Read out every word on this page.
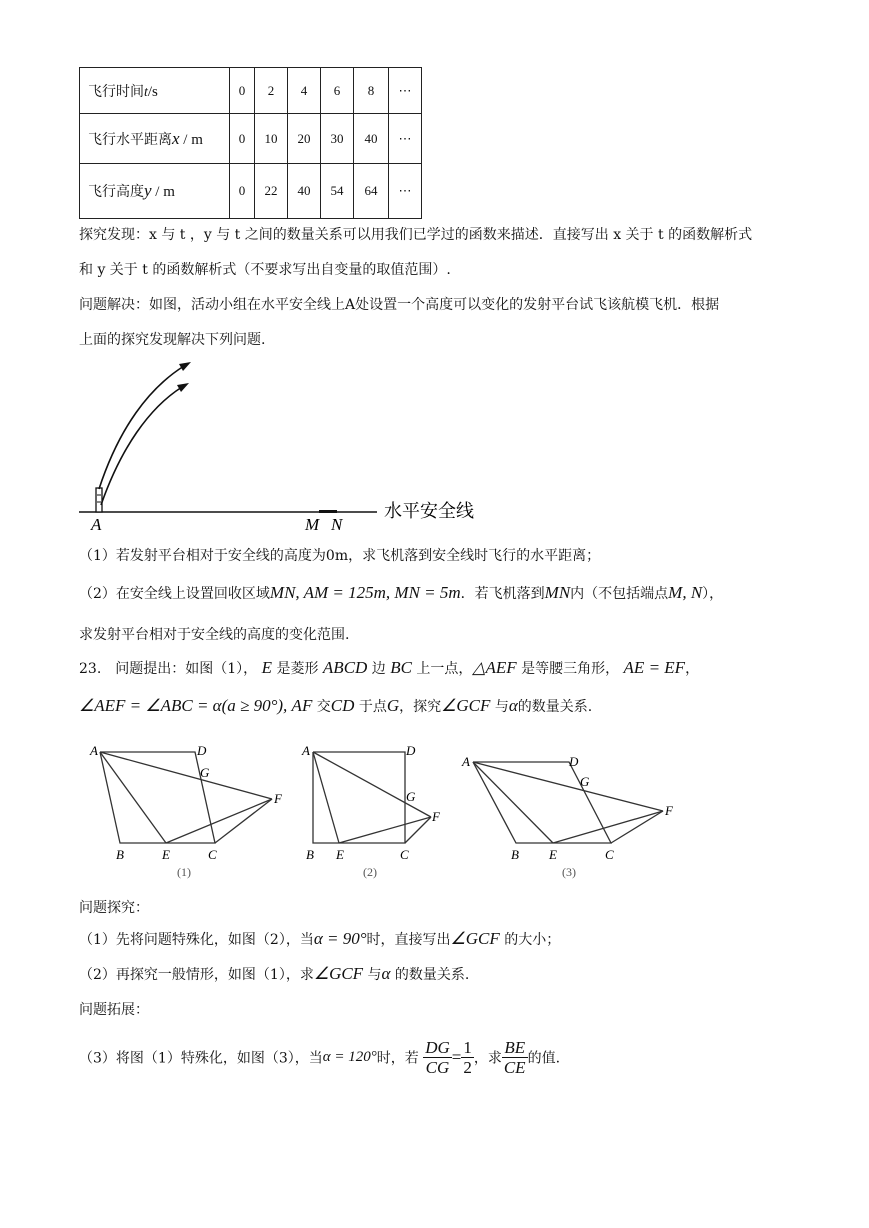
飞行时间t/s	0	2	4	6	8	⋯
飞行水平距离x / m	0	10	20	30	40	⋯
飞行高度y / m	0	22	40	54	64	⋯
探究发现：x 与 t ，y 与 t 之间的数量关系可以用我们已学过的函数来描述．直接写出 x 关于 t 的函数解析式
和 y 关于 t 的函数解析式（不要求写出自变量的取值范围）.
问题解决：如图，活动小组在水平安全线上A处设置一个高度可以变化的发射平台试飞该航模飞机．根据
上面的探究发现解决下列问题.
A	M N
水平安全线
（1）若发射平台相对于安全线的高度为0m，求飞机落到安全线时飞行的水平距离；
（2）在安全线上设置回收区域MN, AM = 125m, MN = 5m．若飞机落到MN内（不包括端点M, N），
求发射平台相对于安全线的高度的变化范围.
23.　问题提出：如图（1）， E 是菱形 ABCD 边 BC 上一点，△AEF 是等腰三角形， AE = EF，
∠AEF = ∠ABC = α(a ≥ 90°), AF 交CD 于点G，探究∠GCF 与α的数量关系.
A	D
G
F
B	E	C
(1)
A	D
G
F
B E	C
(2)
A	D
G
F
B E	C
(3)
问题探究：
（1）先将问题特殊化，如图（2），当α = 90°时，直接写出∠GCF 的大小；
（2）再探究一般情形，如图（1），求∠GCF 与α 的数量关系.
问题拓展：
（3）将图（1）特殊化，如图（3），当α = 120°时，若 $\frac{DG}{CG} = \frac{1}{2}$ ，求 $\frac{BE}{CE}$ 的值.
